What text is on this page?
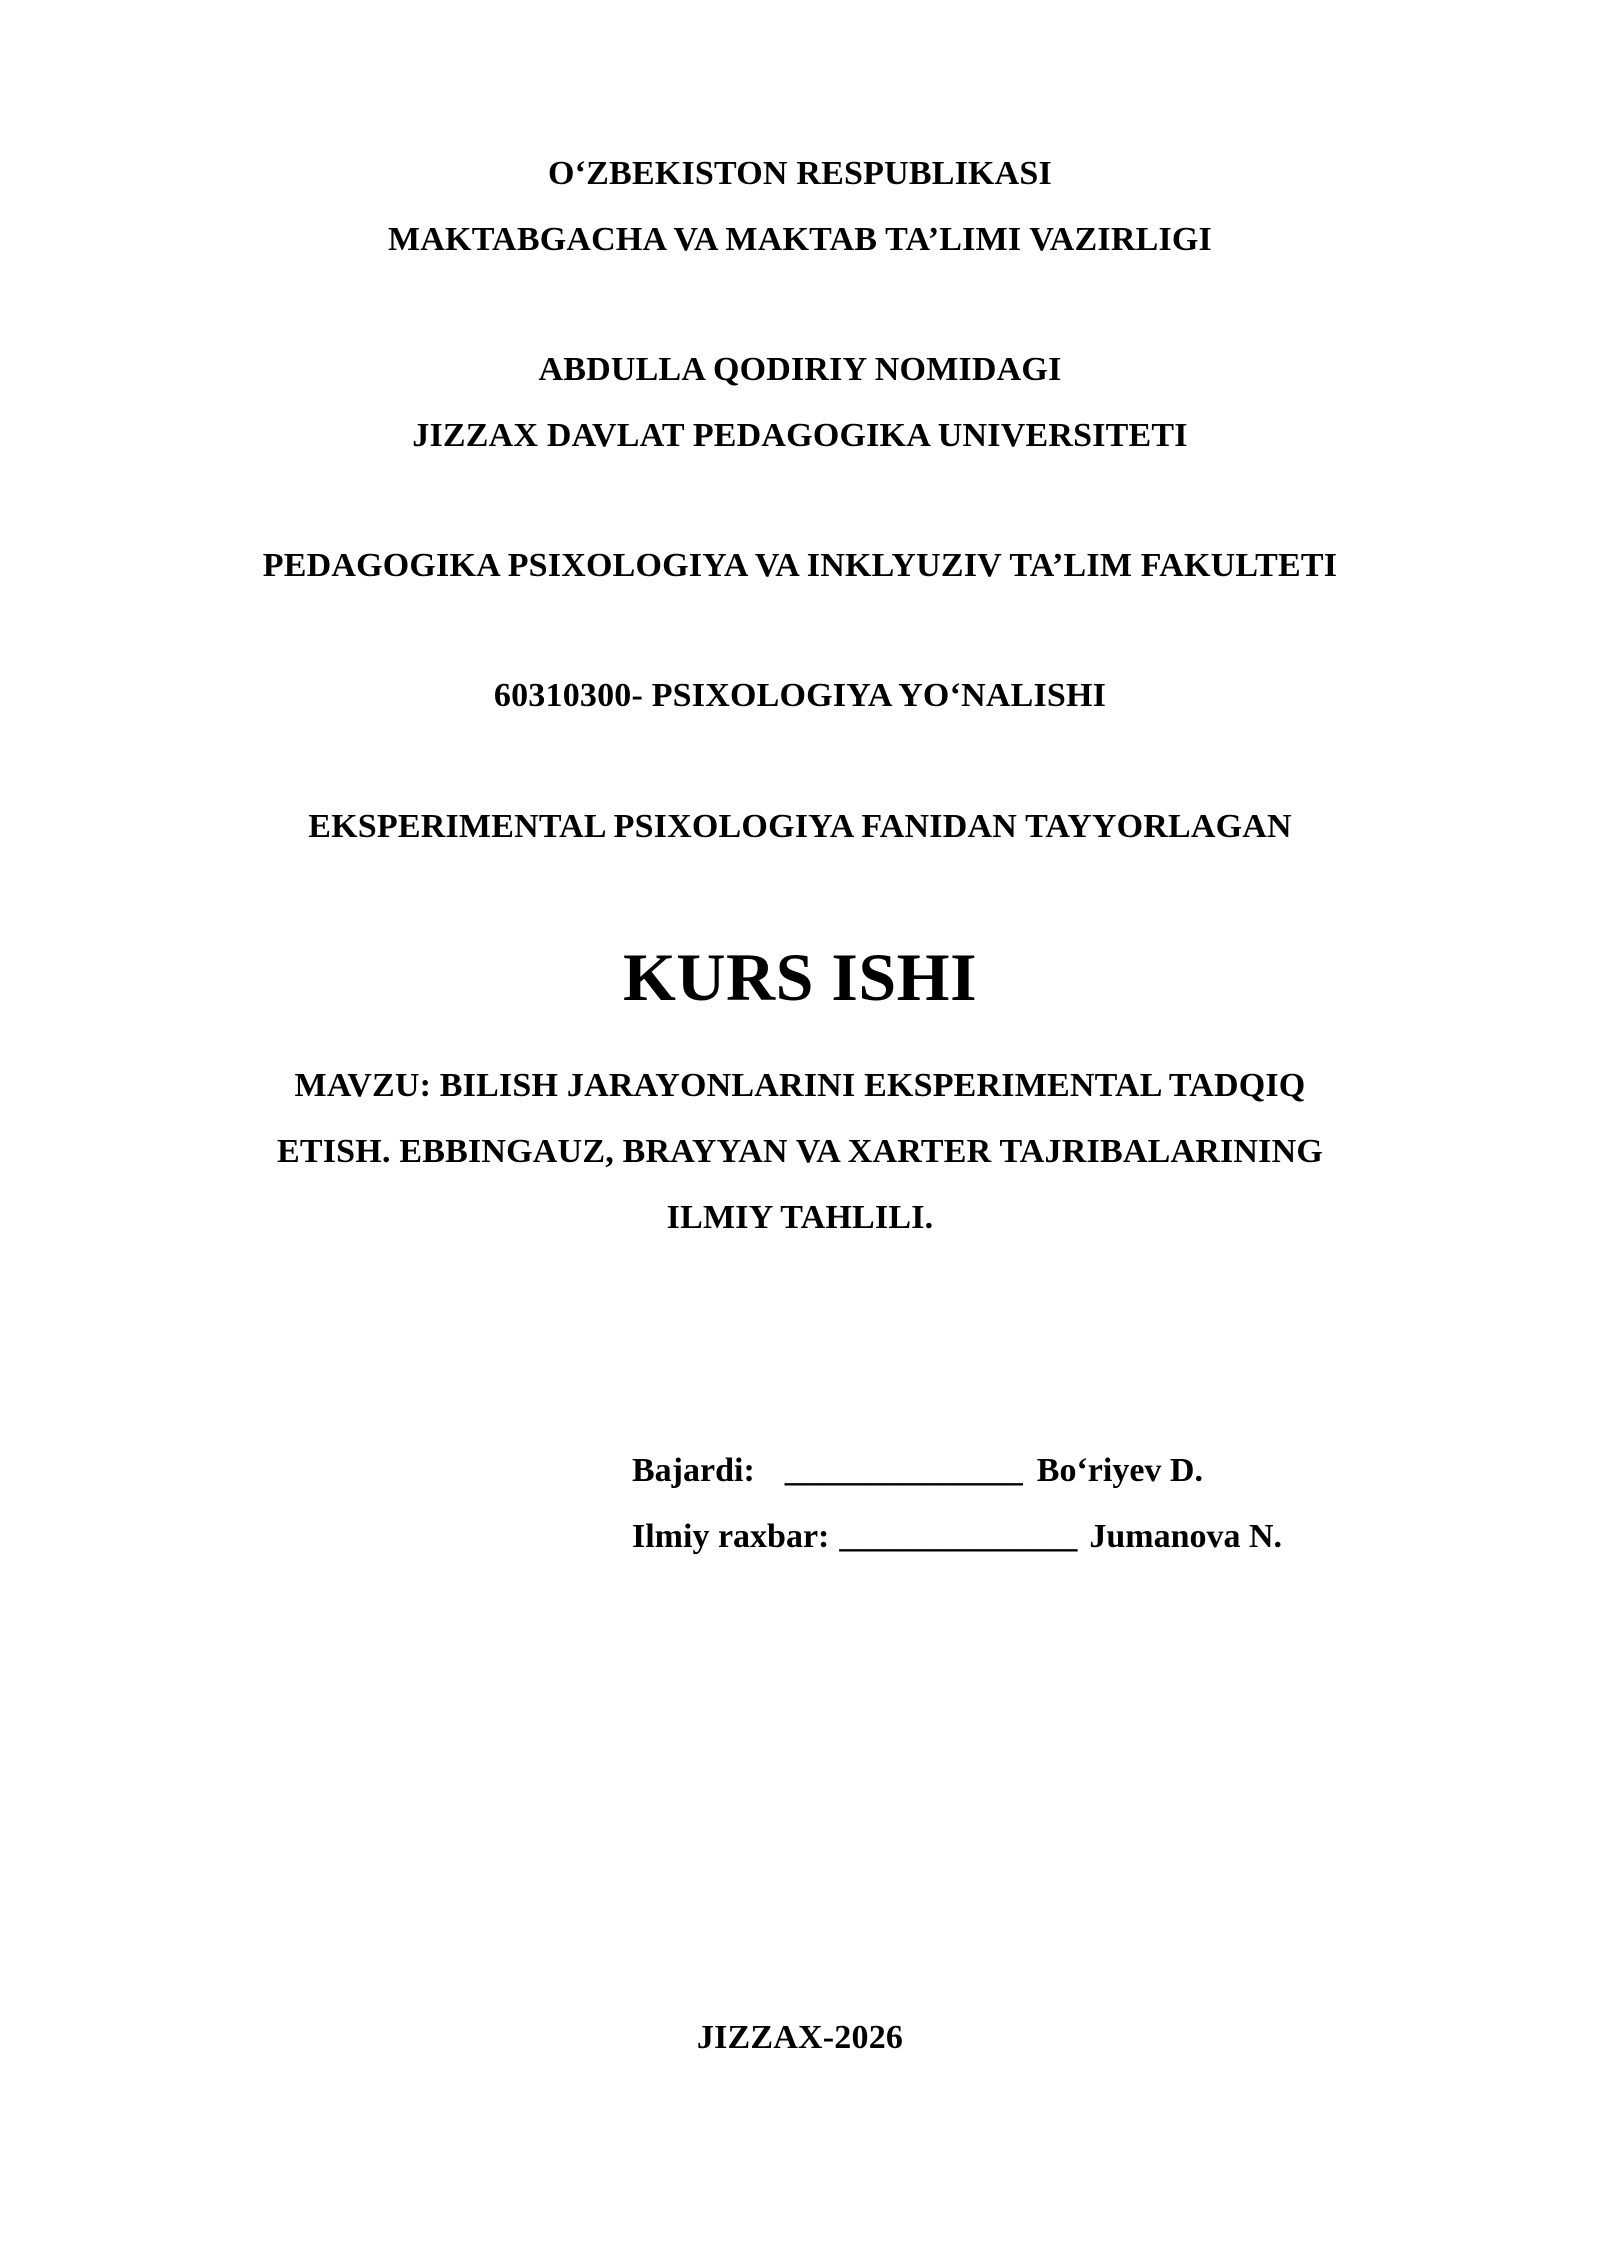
O‘ZBEKISTON RESPUBLIKASI
MAKTABGACHA VA MAKTAB TA’LIMI VAZIRLIGI
ABDULLA QODIRIY NOMIDAGI
JIZZAX DAVLAT PEDAGOGIKA UNIVERSITETI
PEDAGOGIKA PSIXOLOGIYA VA INKLYUZIV TA’LIM FAKULTETI
60310300- PSIXOLOGIYA YO‘NALISHI
EKSPERIMENTAL PSIXOLOGIYA FANIDAN TAYYORLAGAN
KURS ISHI
MAVZU: BILISH JARAYONLARINI EKSPERIMENTAL TADQIQ
ETISH. EBBINGAUZ, BRAYYAN VA XARTER TAJRIBALARINING
ILMIY TAHLILI.
Bajardi: ______________ Bo‘riyev D.
Ilmiy raxbar: ______________ Jumanova N.
JIZZAX-2026
